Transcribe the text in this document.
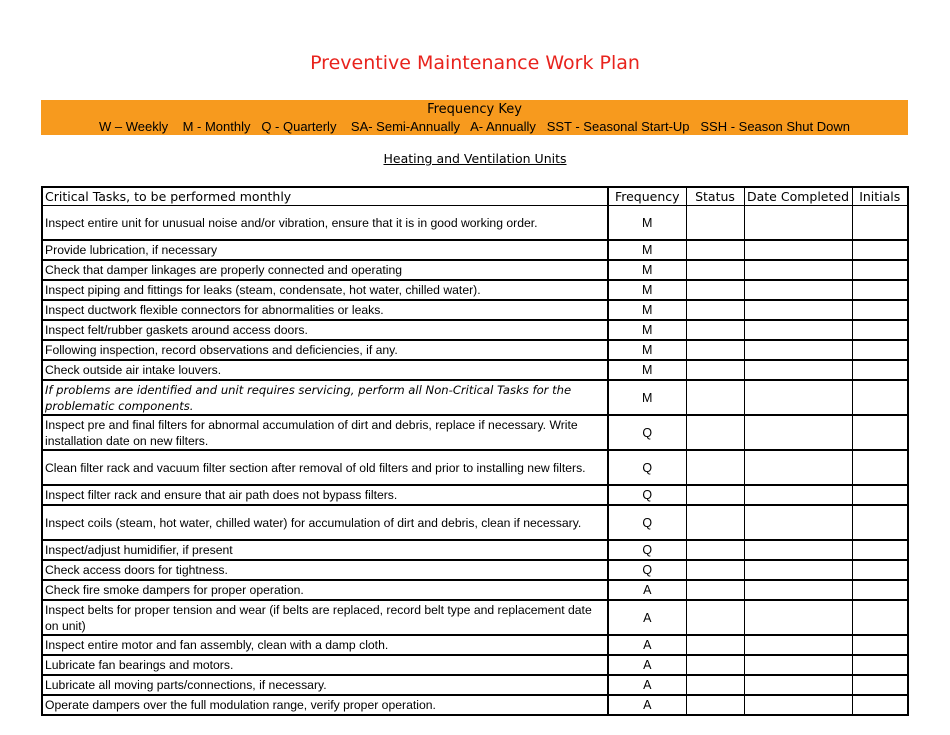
Preventive Maintenance Work Plan
Frequency Key
W – Weekly    M - Monthly   Q - Quarterly    SA- Semi-Annually   A- Annually   SST - Seasonal Start-Up   SSH - Season Shut Down
Heating and Ventilation Units
Critical Tasks, to be performed monthly	Frequency	Status	Date Completed	Initials
Inspect entire unit for unusual noise and/or vibration, ensure that it is in good working order.	M			
Provide lubrication, if necessary	M			
Check that damper linkages are properly connected and operating	M			
Inspect piping and fittings for leaks (steam, condensate, hot water, chilled water).	M			
Inspect ductwork flexible connectors for abnormalities or leaks.	M			
Inspect felt/rubber gaskets around access doors.	M			
Following inspection, record observations and deficiencies, if any.	M			
Check outside air intake louvers.	M			
If problems are identified and unit requires servicing, perform all Non-Critical Tasks for the problematic components.	M			
Inspect pre and final filters for abnormal accumulation of dirt and debris, replace if necessary. Write installation date on new filters.	Q			
Clean filter rack and vacuum filter section after removal of old filters and prior to installing new filters.	Q			
Inspect filter rack and ensure that air path does not bypass filters.	Q			
Inspect coils (steam, hot water, chilled water) for accumulation of dirt and debris, clean if necessary.	Q			
Inspect/adjust humidifier, if present	Q			
Check access doors for tightness.	Q			
Check fire smoke dampers for proper operation.	A			
Inspect belts for proper tension and wear (if belts are replaced, record belt type and replacement date on unit)	A			
Inspect entire motor and fan assembly, clean with a damp cloth.	A			
Lubricate fan bearings and motors.	A			
Lubricate all moving parts/connections, if necessary.	A			
Operate dampers over the full modulation range, verify proper operation.	A			
